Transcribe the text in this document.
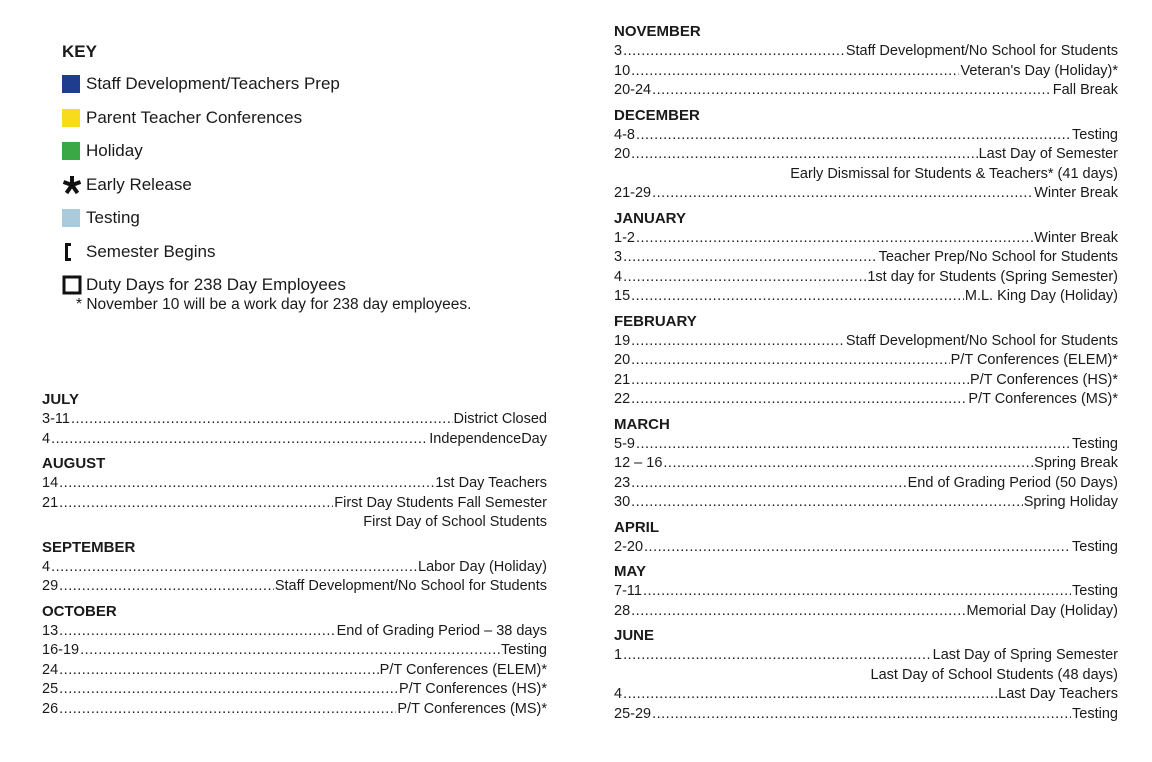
KEY
Staff Development/Teachers Prep
Parent Teacher Conferences
Holiday
Early Release
Testing
Semester Begins
Duty Days for 238 Day Employees
* November 10 will be a work day for 238 day employees.
JULY
3-11 .....	District Closed
4 .....	IndependenceDay
AUGUST
14 .....	1st Day Teachers
21 .....	First Day Students Fall Semester
First Day of School Students
SEPTEMBER
4 .....	Labor Day (Holiday)
29 .....	Staff Development/No School for Students
OCTOBER
13 .....	End of Grading Period – 38 days
16-19 .....	Testing
24 .....	P/T Conferences (ELEM)*
25 .....	P/T Conferences (HS)*
26 .....	P/T Conferences (MS)*
NOVEMBER
3 .....	Staff Development/No School for Students
10 .....	Veteran's Day (Holiday)*
20-24 .....	Fall Break
DECEMBER
4-8 .....	Testing
20 .....	Last Day of Semester
Early Dismissal for Students & Teachers* (41 days)
21-29 .....	Winter Break
JANUARY
1-2 .....	Winter Break
3 .....	Teacher Prep/No School for Students
4 .....	1st day for Students (Spring Semester)
15 .....	M.L. King Day (Holiday)
FEBRUARY
19 .....	Staff Development/No School for Students
20 .....	P/T Conferences (ELEM)*
21 .....	P/T Conferences (HS)*
22 .....	P/T Conferences (MS)*
MARCH
5-9 .....	Testing
12 – 16 .....	Spring Break
23 .....	End of Grading Period (50 Days)
30 .....	Spring Holiday
APRIL
2-20 .....	Testing
MAY
7-11 .....	Testing
28 .....	Memorial Day (Holiday)
JUNE
1 .....	Last Day of Spring Semester
Last Day of School Students (48 days)
4 .....	Last Day Teachers
25-29 .....	Testing
